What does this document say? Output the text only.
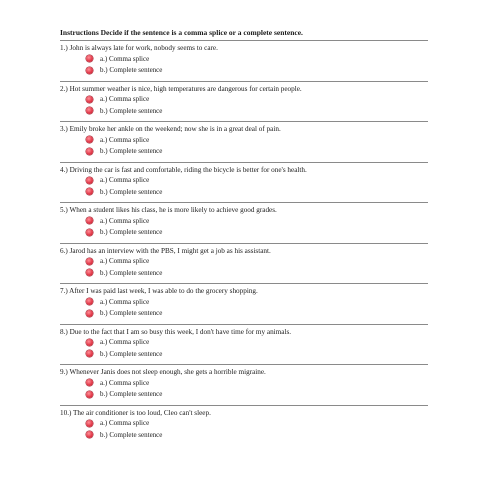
Instructions Decide if the sentence is a comma splice or a complete sentence.
1.) John is always late for work, nobody seems to care.
a.) Comma splice
b.) Complete sentence
2.) Hot summer weather is nice, high temperatures are dangerous for certain people.
a.) Comma splice
b.) Complete sentence
3.) Emily broke her ankle on the weekend; now she is in a great deal of pain.
a.) Comma splice
b.) Complete sentence
4.) Driving the car is fast and comfortable, riding the bicycle is better for one's health.
a.) Comma splice
b.) Complete sentence
5.) When a student likes his class, he is more likely to achieve good grades.
a.) Comma splice
b.) Complete sentence
6.) Jarod has an interview with the PBS, I might get a job as his assistant.
a.) Comma splice
b.) Complete sentence
7.) After I was paid last week, I was able to do the grocery shopping.
a.) Comma splice
b.) Complete sentence
8.) Due to the fact that I am so busy this week, I don't have time for my animals.
a.) Comma splice
b.) Complete sentence
9.) Whenever Janis does not sleep enough, she gets a horrible migraine.
a.) Comma splice
b.) Complete sentence
10.) The air conditioner is too loud, Cleo can't sleep.
a.) Comma splice
b.) Complete sentence
